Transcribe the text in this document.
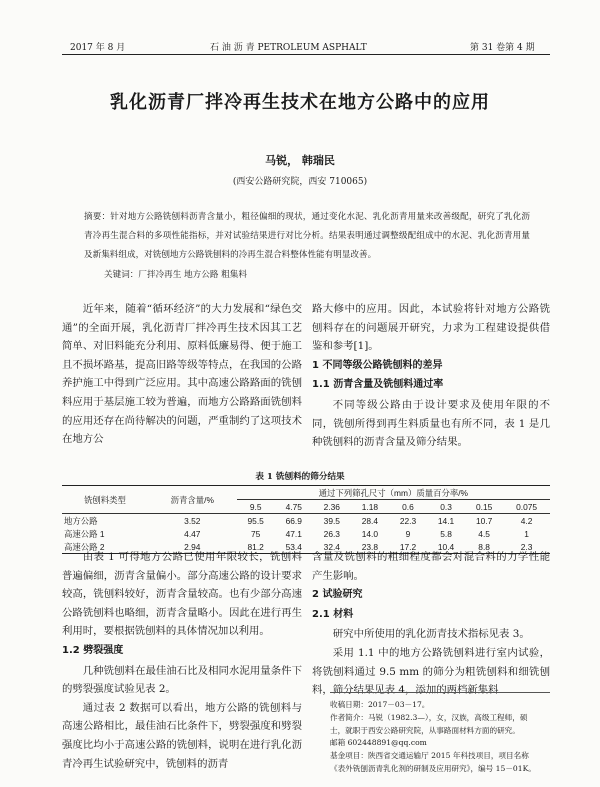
2017 年 8 月	石 油 沥 青 PETROLEUM ASPHALT	第 31 卷第 4 期
乳化沥青厂拌冷再生技术在地方公路中的应用
马锐， 韩瑞民
(西安公路研究院，西安 710065)
摘要：针对地方公路铣刨料沥青含量小，粗径偏细的现状，通过变化水泥、乳化沥青用量来改善级配，研究了乳化沥青冷再生混合料的多项性能指标，并对试验结果进行对比分析。结果表明通过调整级配组成中的水泥、乳化沥青用量及新集料组成，对铣刨地方公路铣刨料的冷再生混合料整体性能有明显改善。
关键词：厂拌冷再生 地方公路 粗集料

近年来，随着“循环经济”的大力发展和“绿色交通”的全面开展，乳化沥青厂拌冷再生技术因其工艺简单、对旧料能充分利用、原料低廉易得、便于施工且不损坏路基，提高旧路等级等特点，在我国的公路养护施工中得到广泛应用。其中高速公路路面的铣刨料应用于基层施工较为普遍，而地方公路路面铣刨料的应用还存在尚待解决的问题，严重制约了这项技术在地方公

路大修中的应用。因此，本试验将针对地方公路铣刨料存在的问题展开研究，力求为工程建设提供借鉴和参考[1]。

1 不同等级公路铣刨料的差异
1.1 沥青含量及铣刨料通过率

不同等级公路由于设计要求及使用年限的不同，铣刨所得到再生料质量也有所不同，表 1 是几种铣刨料的沥青含量及筛分结果。

表 1 铣刨料的筛分结果
铣刨料类型	沥青含量/%	通过下列筛孔尺寸（mm）质量百分率/%							
		9.5	4.75	2.36	1.18	0.6	0.3	0.15	0.075
地方公路	3.52	95.5	66.9	39.5	28.4	22.3	14.1	10.7	4.2
高速公路 1	4.47	75	47.1	26.3	14.0	9	5.8	4.5	1
高速公路 2	2.94	81.2	53.4	32.4	23.8	17.2	10.4	8.8	2.3

由表 1 可得地方公路已使用年限较长，铣刨料普遍偏细，沥青含量偏小。部分高速公路的设计要求较高，铣刨料较好，沥青含量较高。也有少部分高速公路铣刨料也略细，沥青含量略小。因此在进行再生利用时，要根据铣刨料的具体情况加以利用。

1.2 劈裂强度

几种铣刨料在最佳油石比及相同水泥用量条件下的劈裂强度试验见表 2。

通过表 2 数据可以看出，地方公路的铣刨料与高速公路相比，最佳油石比条件下，劈裂强度和劈裂强度比均小于高速公路的铣刨料，说明在进行乳化沥青冷再生试验研究中，铣刨料的沥青

含量及铣刨料的粗细程度都会对混合料的力学性能产生影响。

2 试验研究
2.1 材料

研究中所使用的乳化沥青技术指标见表 3。

采用 1.1 中的地方公路铣刨料进行室内试验，将铣刨料通过 9.5 mm 的筛分为粗铣刨料和细铣刨料，筛分结果见表 4，添加的两档新集料

收稿日期：2017－03－17。
作者简介：马锐（1982.3—），女，汉族，高级工程师，硕
士，就职于西安公路研究院，从事路面材料方面的研究。
邮箱 602448891@qq.com
基金项目：陕西省交通运输厅 2015 年科技项目，项目名称
《表外铣刨沥青乳化剂的研制及应用研究》，编号 15－01K。
